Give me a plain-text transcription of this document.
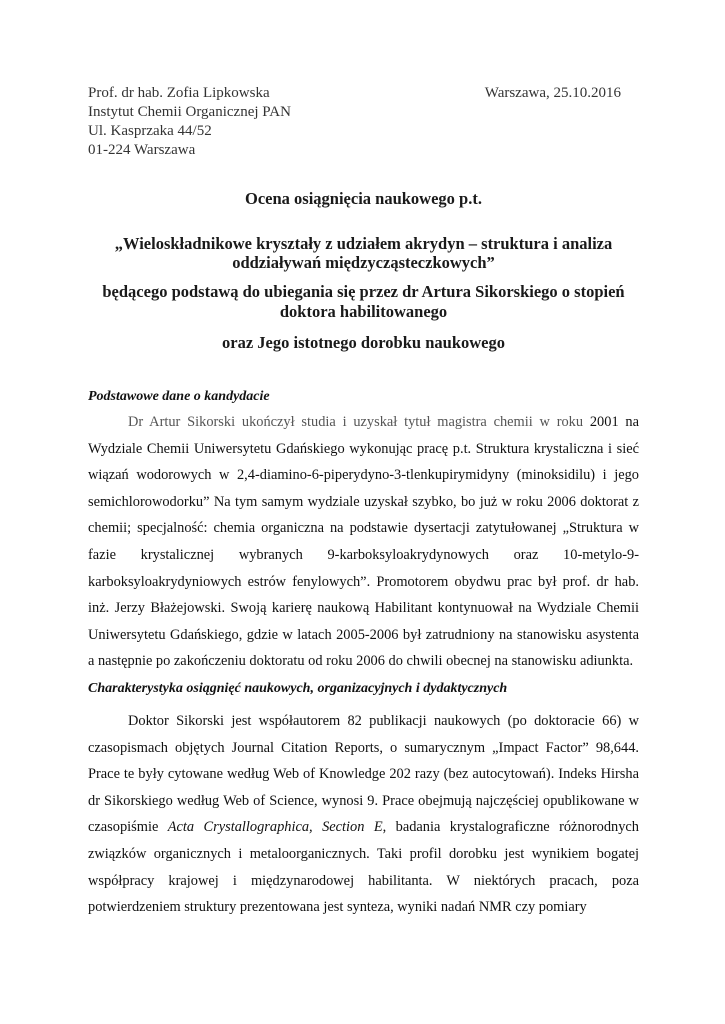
Prof. dr hab. Zofia Lipkowska
Instytut Chemii Organicznej PAN
Ul. Kasprzaka 44/52
01-224 Warszawa
Warszawa, 25.10.2016

Ocena osiągnięcia naukowego p.t.

„Wieloskładnikowe kryształy z udziałem akrydyn – struktura i analiza oddziaływań międzycząsteczkowych”

będącego podstawą do ubiegania się przez dr Artura Sikorskiego o stopień doktora habilitowanego

oraz Jego istotnego dorobku naukowego

Podstawowe dane o kandydacie

Dr Artur Sikorski ukończył studia i uzyskał tytuł magistra chemii w roku 2001 na Wydziale Chemii Uniwersytetu Gdańskiego wykonując pracę p.t. Struktura krystaliczna i sieć wiązań wodorowych w 2,4-diamino-6-piperydyno-3-tlenkupirymidyny (minoksidilu) i jego semichlorowodorku” Na tym samym wydziale uzyskał szybko, bo już w roku 2006 doktorat z chemii; specjalność: chemia organiczna na podstawie dysertacji zatytułowanej „Struktura w fazie krystalicznej wybranych 9-karboksyloakrydynowych oraz 10-metylo-9-karboksyloakrydyniowych estrów fenylowych”. Promotorem obydwu prac był prof. dr hab. inż. Jerzy Błażejowski. Swoją karierę naukową Habilitant kontynuował na Wydziale Chemii Uniwersytetu Gdańskiego, gdzie w latach 2005-2006 był zatrudniony na stanowisku asystenta a następnie po zakończeniu doktoratu od roku 2006 do chwili obecnej na stanowisku adiunkta.

Charakterystyka osiągnięć naukowych, organizacyjnych i dydaktycznych

Doktor Sikorski jest współautorem 82 publikacji naukowych (po doktoracie 66) w czasopismach objętych Journal Citation Reports, o sumarycznym „Impact Factor” 98,644. Prace te były cytowane według Web of Knowledge 202 razy (bez autocytowań). Indeks Hirsha dr Sikorskiego według Web of Science, wynosi 9. Prace obejmują najczęściej opublikowane w czasopiśmie Acta Crystallographica, Section E, badania krystalograficzne różnorodnych związków organicznych i metaloorganicznych. Taki profil dorobku jest wynikiem bogatej współpracy krajowej i międzynarodowej habilitanta. W niektórych pracach, poza potwierdzeniem struktury prezentowana jest synteza, wyniki nadań NMR czy pomiary
